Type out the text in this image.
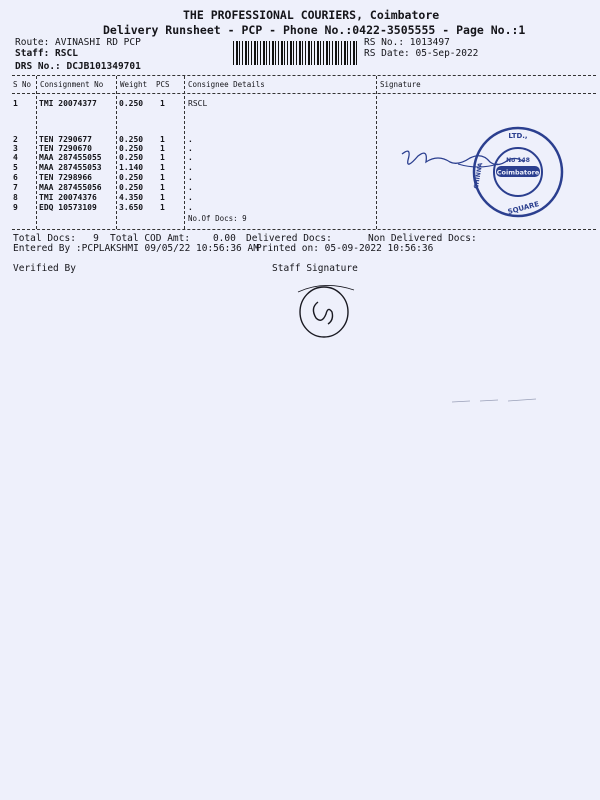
THE PROFESSIONAL COURIERS, Coimbatore
Delivery Runsheet - PCP - Phone No.:0422-3505555 - Page No.:1
Route: AVINASHI RD PCP
Staff: RSCL
DRS No.: DCJB101349701
RS No.: 1013497
RS Date: 05-Sep-2022
S No Consignment No Weight PCS Consignee Details	Signature
1	TMI 20074377	0.250 1	RSCL
2	TEN 7290677	0.250 1	.
3	TEN 7290670	0.250 1	.
4	MAA 287455055 0.250 1	.
5	MAA 287455053 1.140 1	.
6	TEN 7298966	0.250 1	.
7	MAA 287455056 0.250 1	.
8	TMI 20074376	4.350 1	.
9	EDQ 10573109	3.650 1	.
No.Of Docs: 9
Coimbatore
No 148
LTD.,
SQUARE
CHINNA
Total Docs:   9 Total COD Amt:    0.00 Delivered Docs:	Non Delivered Docs:
Entered By :PCPLAKSHMI 09/05/22 10:56:36 AM
Printed on: 05-09-2022 10:56:36
Verified By	Staff Signature
